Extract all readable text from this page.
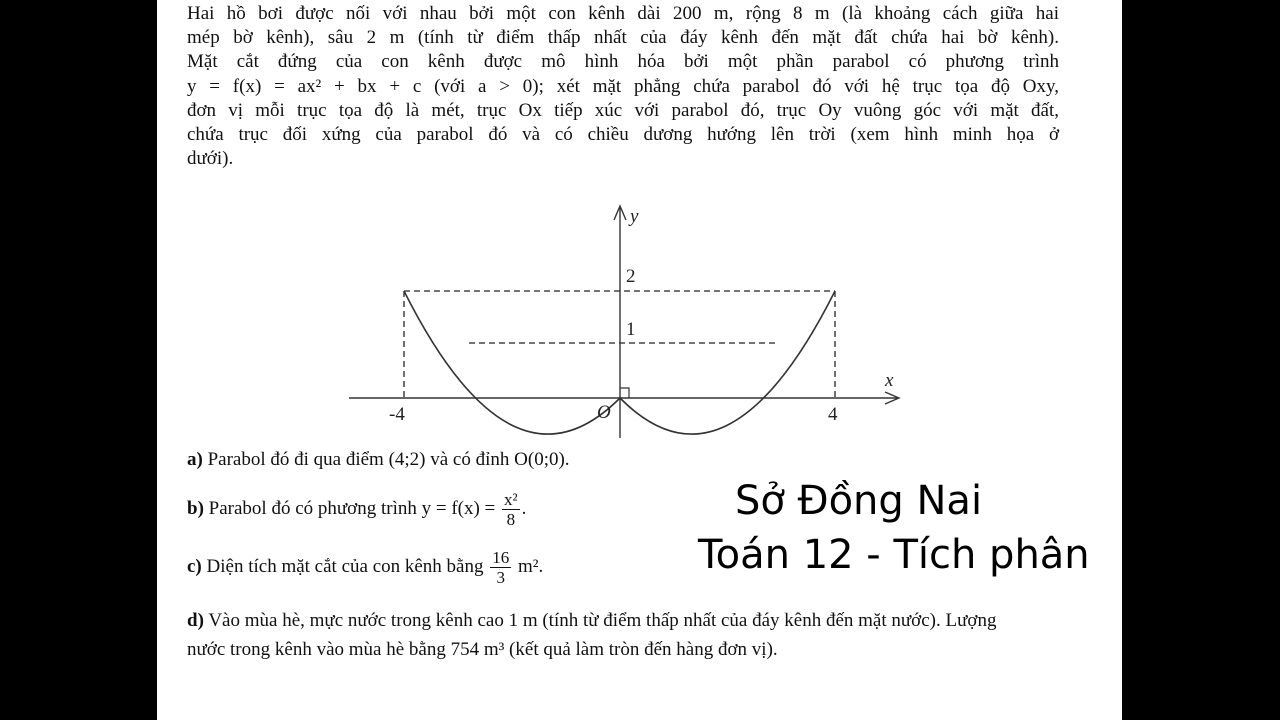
Hai hồ bơi được nối với nhau bởi một con kênh dài 200 m, rộng 8 m (là khoảng cách giữa hai
mép bờ kênh), sâu 2 m (tính từ điểm thấp nhất của đáy kênh đến mặt đất chứa hai bờ kênh).
Mặt cắt đứng của con kênh được mô hình hóa bởi một phần parabol có phương trình
y = f(x) = ax² + bx + c (với a > 0); xét mặt phẳng chứa parabol đó với hệ trục tọa độ Oxy,
đơn vị mỗi trục tọa độ là mét, trục Ox tiếp xúc với parabol đó, trục Oy vuông góc với mặt đất,
chứa trục đối xứng của parabol đó và có chiều dương hướng lên trời (xem hình minh họa ở
dưới).
y
x
2
1
O
-4	4

a) Parabol đó đi qua điểm (4;2) và có đỉnh O(0;0).

b) Parabol đó có phương trình $y = f(x) = \frac{\text{x²}}{8}$ .

c) Diện tích mặt cắt của con kênh bằng $\frac{16}{3} m^2$.

d) Vào mùa hè, mực nước trong kênh cao 1 m (tính từ điểm thấp nhất của đáy kênh đến mặt nước). Lượng nước trong kênh vào mùa hè bằng 754 m³ (kết quả làm tròn đến hàng đơn vị).

Sở Đồng Nai

Toán 12 - Tích phân
